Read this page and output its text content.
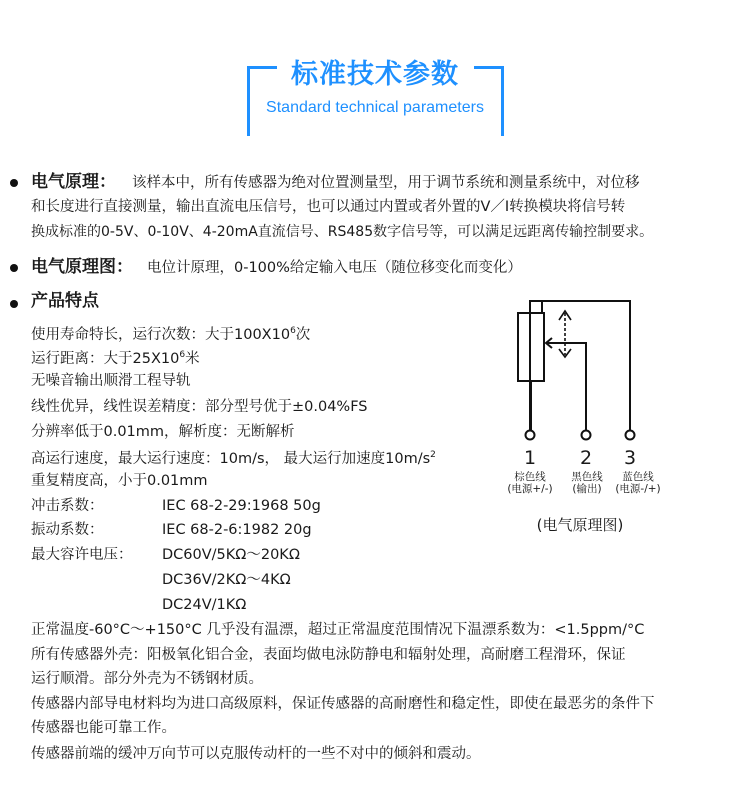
标准技术参数
Standard technical parameters
电气原理： 该样本中，所有传感器为绝对位置测量型，用于调节系统和测量系统中，对位移
和长度进行直接测量，输出直流电压信号，也可以通过内置或者外置的V／I转换模块将信号转
换成标准的0-5V、0-10V、4-20mA直流信号、RS485数字信号等，可以满足远距离传输控制要求。
电气原理图： 电位计原理，0-100%给定输入电压（随位移变化而变化）
产品特点
使用寿命特长，运行次数：大于$100X10^6$次
运行距离：大于$25X10^6$米
无噪音输出顺滑工程导轨
线性优异，线性误差精度：部分型号优于±0.04%FS
分辨率低于0.01mm，解析度：无断解析
高运行速度，最大运行速度：10m/s， 最大运行加速度$10m/s^2$
重复精度高，小于0.01mm
冲击系数：	IEC 68-2-29:1968 50g
振动系数：	IEC 68-2-6:1982 20g
最大容许电压： DC60V/5KΩ～20KΩ
DC36V/2KΩ～4KΩ
DC24V/1KΩ
正常温度-60°C～+150°C 几乎没有温漂，超过正常温度范围情况下温漂系数为：<1.5ppm/°C
所有传感器外壳：阳极氧化铝合金，表面均做电泳防静电和辐射处理，高耐磨工程滑环，保证
运行顺滑。部分外壳为不锈钢材质。
传感器内部导电材料均为进口高级原料，保证传感器的高耐磨性和稳定性，即使在最恶劣的条件下
传感器也能可靠工作。
传感器前端的缓冲万向节可以克服传动杆的一些不对中的倾斜和震动。
1 2 3
棕色线
(电源+/-)
黑色线
(输出)
蓝色线
(电源-/+)
(电气原理图)
